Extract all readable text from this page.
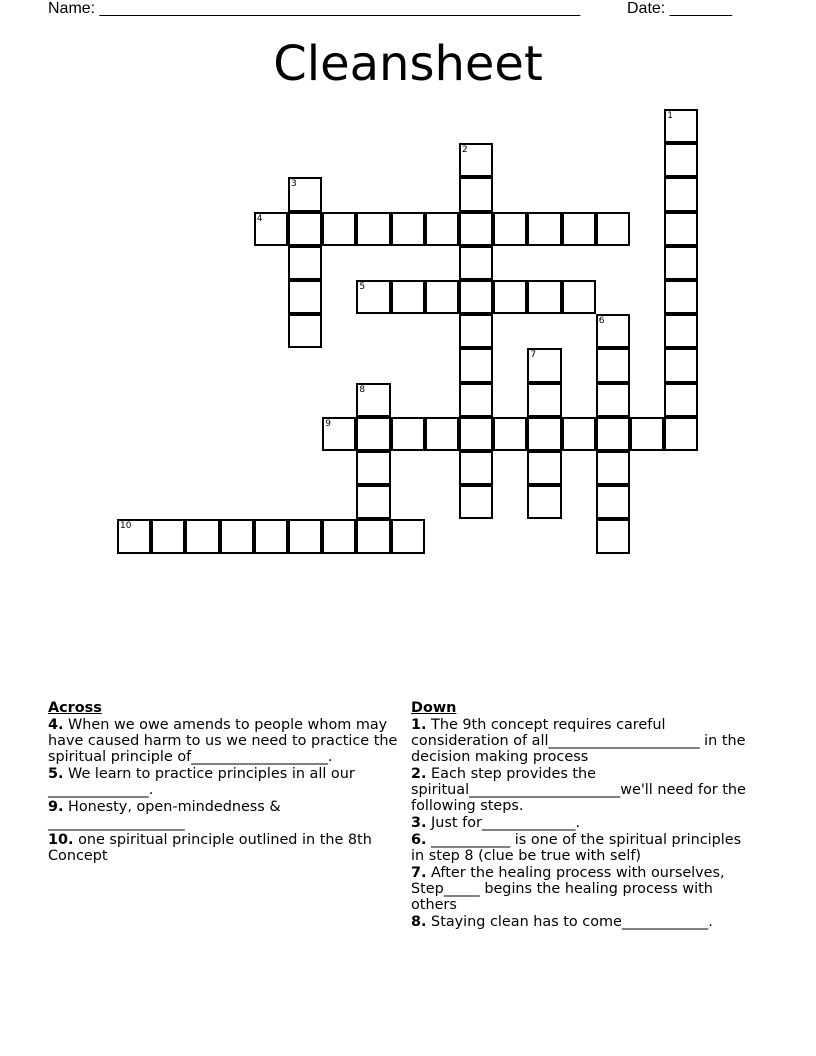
Name: ______________________________________________________	Date: _______
Cleansheet
1
2
3
4
5
6
7
8
9
10
Across
4. When we owe amends to people whom may have caused harm to us we need to practice the spiritual principle of___________________.
5. We learn to practice principles in all our ______________.
9. Honesty, open-mindedness & ___________________
10. one spiritual principle outlined in the 8th Concept
Down
1. The 9th concept requires careful consideration of all_____________________ in the decision making process
2. Each step provides the spiritual_____________________we'll need for the following steps.
3. Just for_____________.
6. ___________ is one of the spiritual principles in step 8 (clue be true with self)
7. After the healing process with ourselves, Step_____ begins the healing process with others
8. Staying clean has to come____________.
